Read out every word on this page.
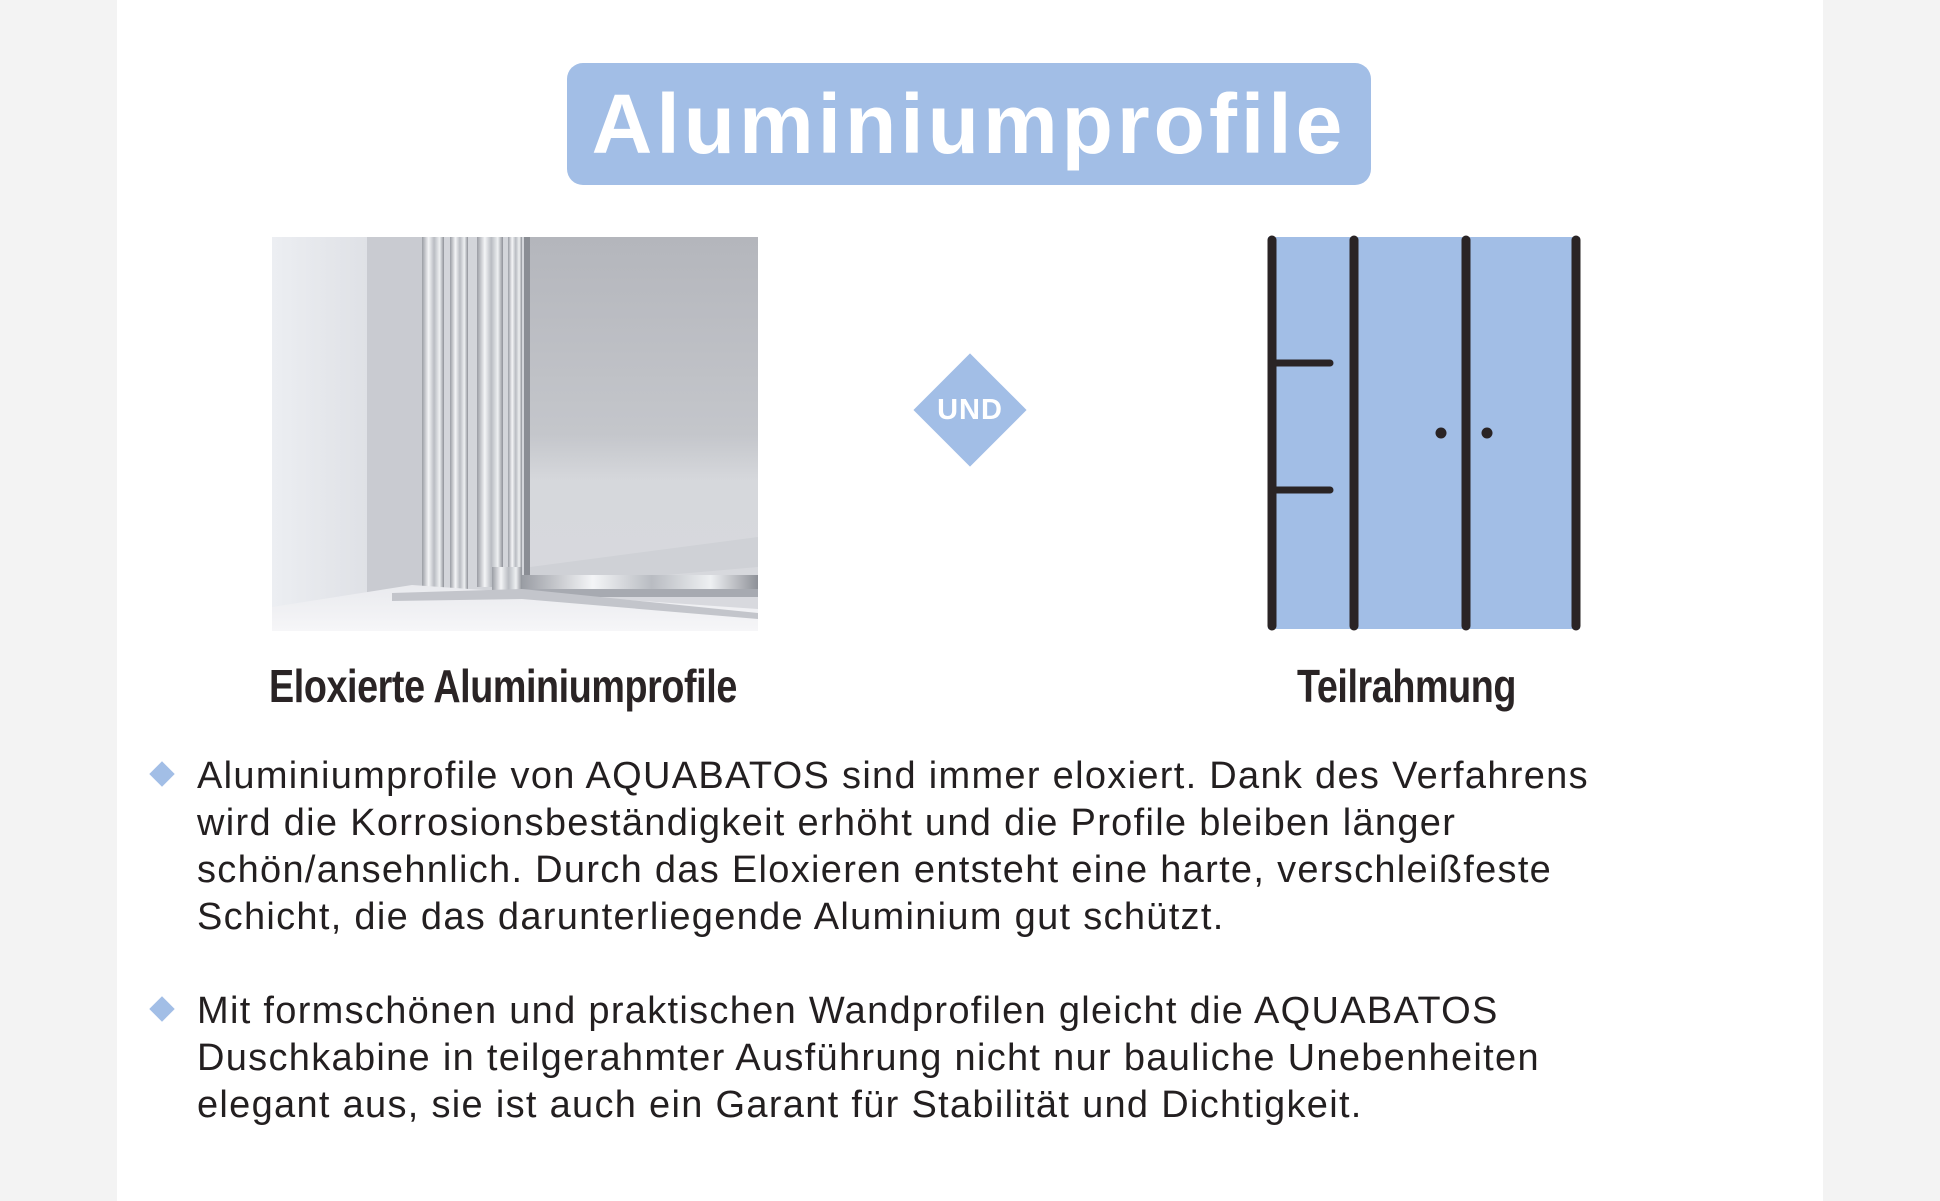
Aluminiumprofile
UND
Eloxierte Aluminiumprofile	Teilrahmung
Aluminiumprofile von AQUABATOS sind immer eloxiert. Dank des Verfahrens
wird die Korrosionsbeständigkeit erhöht und die Profile bleiben länger
schön/ansehnlich. Durch das Eloxieren entsteht eine harte, verschleißfeste
Schicht, die das darunterliegende Aluminium gut schützt.
Mit formschönen und praktischen Wandprofilen gleicht die AQUABATOS
Duschkabine in teilgerahmter Ausführung nicht nur bauliche Unebenheiten
elegant aus, sie ist auch ein Garant für Stabilität und Dichtigkeit.
